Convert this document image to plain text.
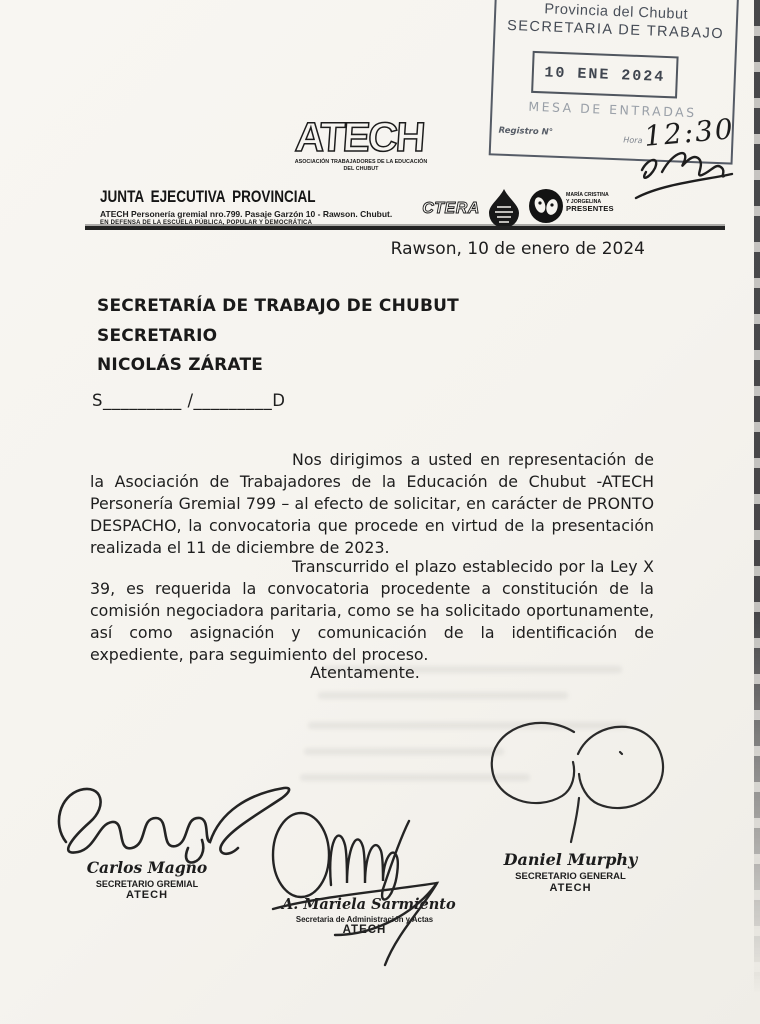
Provincia del Chubut
SECRETARIA DE TRABAJO
10 ENE 2024
MESA DE ENTRADAS
Registro N°
Hora 12:30
ATECH
ASOCIACIÓN TRABAJADORES DE LA EDUCACIÓN
DEL CHUBUT
JUNTA EJECUTIVA PROVINCIAL
ATECH Personería gremial nro.799. Pasaje Garzón 10 - Rawson. Chubut.
EN DEFENSA DE LA ESCUELA PÚBLICA, POPULAR Y DEMOCRÁTICA
CTERA
MARÍA CRISTINA
Y JORGELINA
PRESENTES
Rawson, 10 de enero de 2024
SECRETARÍA DE TRABAJO DE CHUBUT
SECRETARIO
NICOLÁS ZÁRATE
S_________ /_________D
Nos dirigimos a usted en representación de la Asociación de Trabajadores de la Educación de Chubut -ATECH Personería Gremial 799 – al efecto de solicitar, en carácter de PRONTO DESPACHO, la convocatoria que procede en virtud de la presentación realizada el 11 de diciembre de 2023.
Transcurrido el plazo establecido por la Ley X 39, es requerida la convocatoria procedente a constitución de la comisión negociadora paritaria, como se ha solicitado oportunamente, así como asignación y comunicación de la identificación de expediente, para seguimiento del proceso.
Atentamente.
Carlos Magno
SECRETARIO GREMIAL
ATECH
A. Mariela Sarmiento
Secretaria de Administración y Actas
ATECH
Daniel Murphy
SECRETARIO GENERAL
ATECH
